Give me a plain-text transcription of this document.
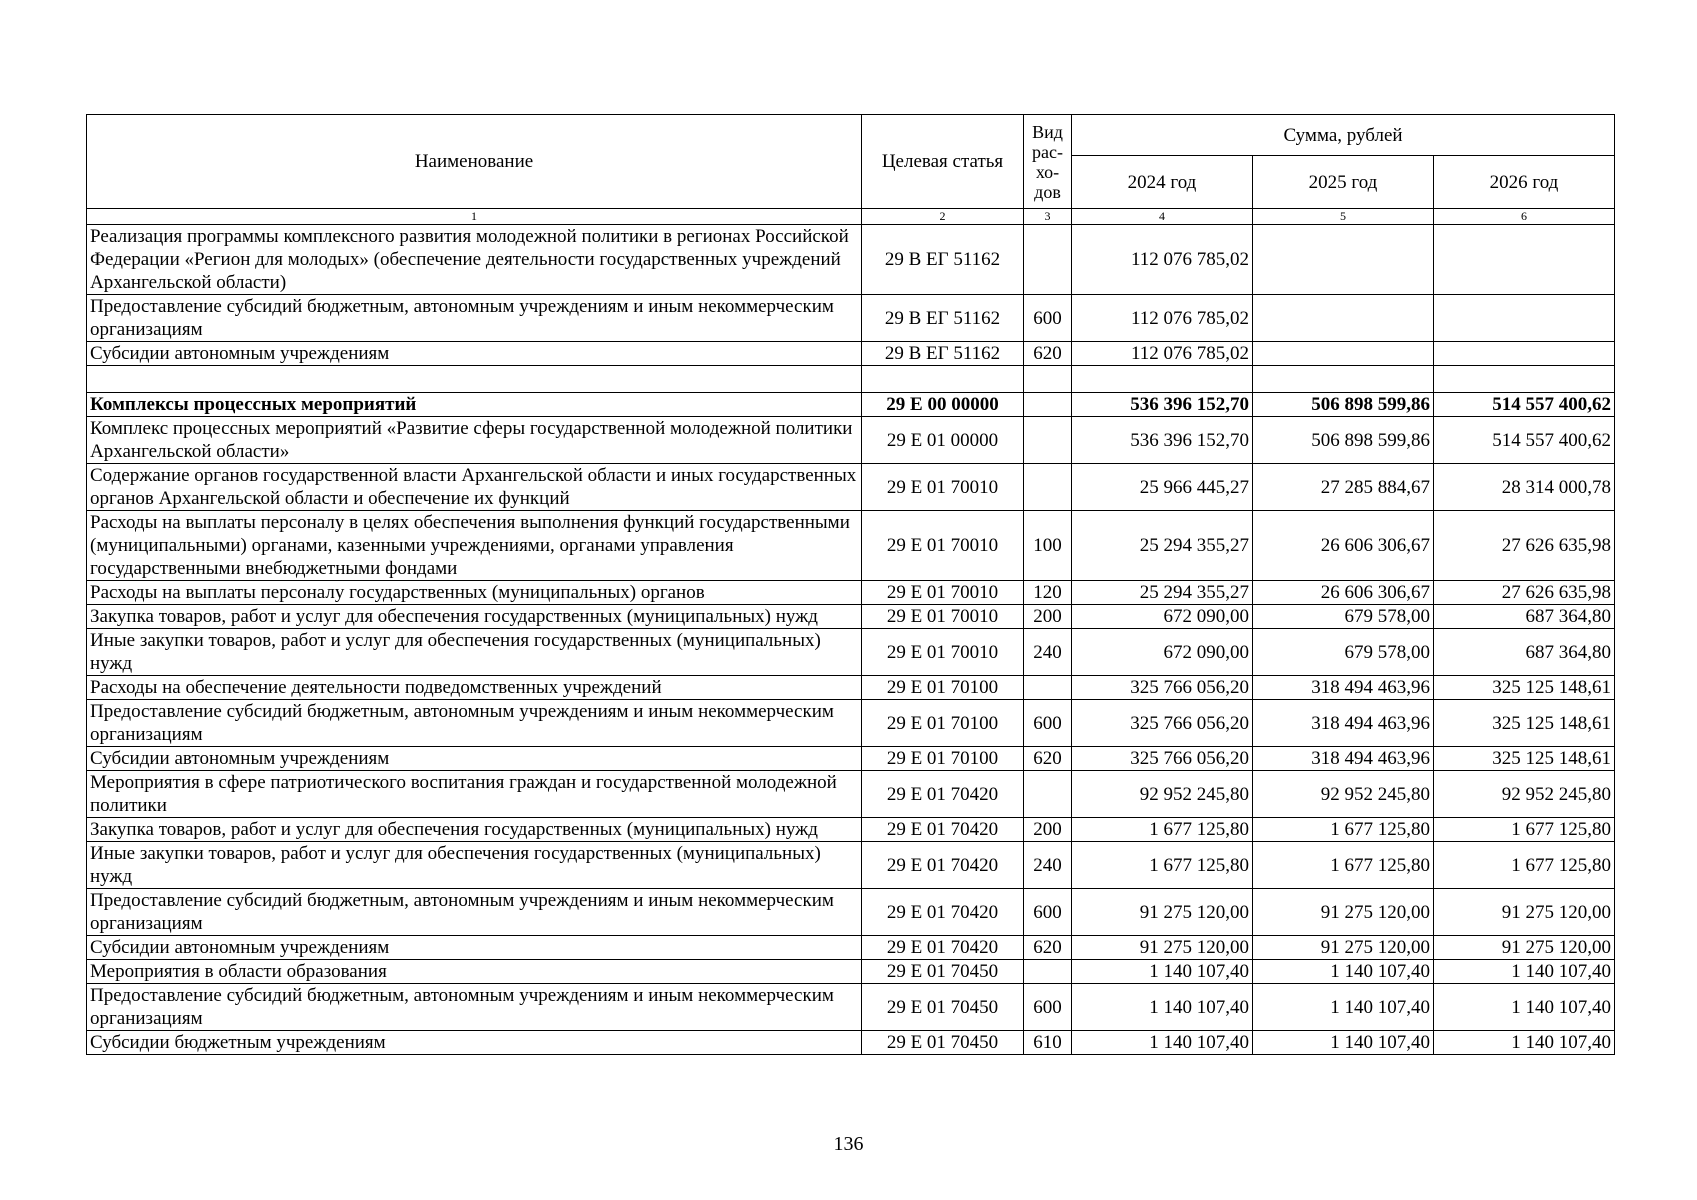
Наименование	Целевая статья	Вид рас-хо-дов	Сумма, рублей		
			2024 год	2025 год	2026 год
1	2	3	4	5	6
Реализация программы комплексного развития молодежной политики в регионах Российской Федерации «Регион для молодых» (обеспечение деятельности государственных учреждений Архангельской области)	29 В ЕГ 51162		112 076 785,02		
Предоставление субсидий бюджетным, автономным учреждениям и иным некоммерческим организациям	29 В ЕГ 51162	600	112 076 785,02		
Субсидии автономным учреждениям	29 В ЕГ 51162	620	112 076 785,02		

Комплексы процессных мероприятий	29 Е 00 00000		536 396 152,70	506 898 599,86	514 557 400,62
Комплекс процессных мероприятий «Развитие сферы государственной молодежной политики Архангельской области»	29 Е 01 00000		536 396 152,70	506 898 599,86	514 557 400,62
Содержание органов государственной власти Архангельской области и иных государственных органов Архангельской области и обеспечение их функций	29 Е 01 70010		25 966 445,27	27 285 884,67	28 314 000,78
Расходы на выплаты персоналу в целях обеспечения выполнения функций государственными (муниципальными) органами, казенными учреждениями, органами управления государственными внебюджетными фондами	29 Е 01 70010	100	25 294 355,27	26 606 306,67	27 626 635,98
Расходы на выплаты персоналу государственных (муниципальных) органов	29 Е 01 70010	120	25 294 355,27	26 606 306,67	27 626 635,98
Закупка товаров, работ и услуг для обеспечения государственных (муниципальных) нужд	29 Е 01 70010	200	672 090,00	679 578,00	687 364,80
Иные закупки товаров, работ и услуг для обеспечения государственных (муниципальных) нужд	29 Е 01 70010	240	672 090,00	679 578,00	687 364,80
Расходы на обеспечение деятельности подведомственных учреждений	29 Е 01 70100		325 766 056,20	318 494 463,96	325 125 148,61
Предоставление субсидий бюджетным, автономным учреждениям и иным некоммерческим организациям	29 Е 01 70100	600	325 766 056,20	318 494 463,96	325 125 148,61
Субсидии автономным учреждениям	29 Е 01 70100	620	325 766 056,20	318 494 463,96	325 125 148,61
Мероприятия в сфере патриотического воспитания граждан и государственной молодежной политики	29 Е 01 70420		92 952 245,80	92 952 245,80	92 952 245,80
Закупка товаров, работ и услуг для обеспечения государственных (муниципальных) нужд	29 Е 01 70420	200	1 677 125,80	1 677 125,80	1 677 125,80
Иные закупки товаров, работ и услуг для обеспечения государственных (муниципальных) нужд	29 Е 01 70420	240	1 677 125,80	1 677 125,80	1 677 125,80
Предоставление субсидий бюджетным, автономным учреждениям и иным некоммерческим организациям	29 Е 01 70420	600	91 275 120,00	91 275 120,00	91 275 120,00
Субсидии автономным учреждениям	29 Е 01 70420	620	91 275 120,00	91 275 120,00	91 275 120,00
Мероприятия в области образования	29 Е 01 70450		1 140 107,40	1 140 107,40	1 140 107,40
Предоставление субсидий бюджетным, автономным учреждениям и иным некоммерческим организациям	29 Е 01 70450	600	1 140 107,40	1 140 107,40	1 140 107,40
Субсидии бюджетным учреждениям	29 Е 01 70450	610	1 140 107,40	1 140 107,40	1 140 107,40
136
